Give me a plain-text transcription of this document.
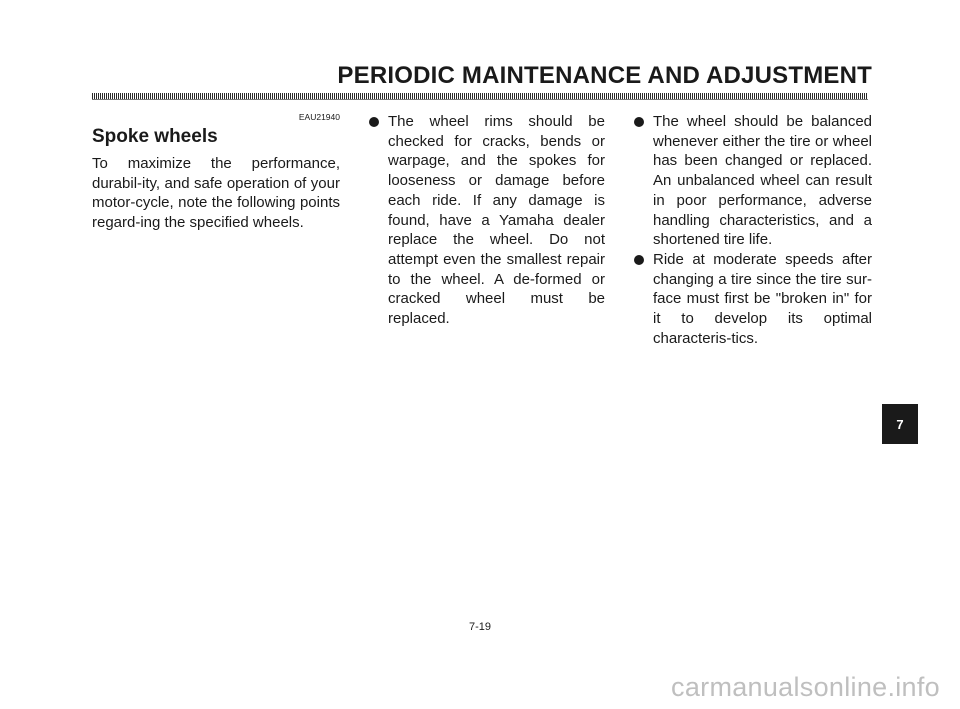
PERIODIC MAINTENANCE AND ADJUSTMENT
EAU21940
Spoke wheels

To maximize the performance, durabil-ity, and safe operation of your motor-cycle, note the following points regard-ing the specified wheels.

The wheel rims should be checked for cracks, bends or warpage, and the spokes for looseness or damage before each ride. If any damage is found, have a Yamaha dealer replace the wheel. Do not attempt even the smallest repair to the wheel. A de-formed or cracked wheel must be replaced.
The wheel should be balanced whenever either the tire or wheel has been changed or replaced. An unbalanced wheel can result in poor performance, adverse handling characteristics, and a shortened tire life.
Ride at moderate speeds after changing a tire since the tire sur-face must first be "broken in" for it to develop its optimal characteris-tics.
7
7-19
carmanualsonline.info
